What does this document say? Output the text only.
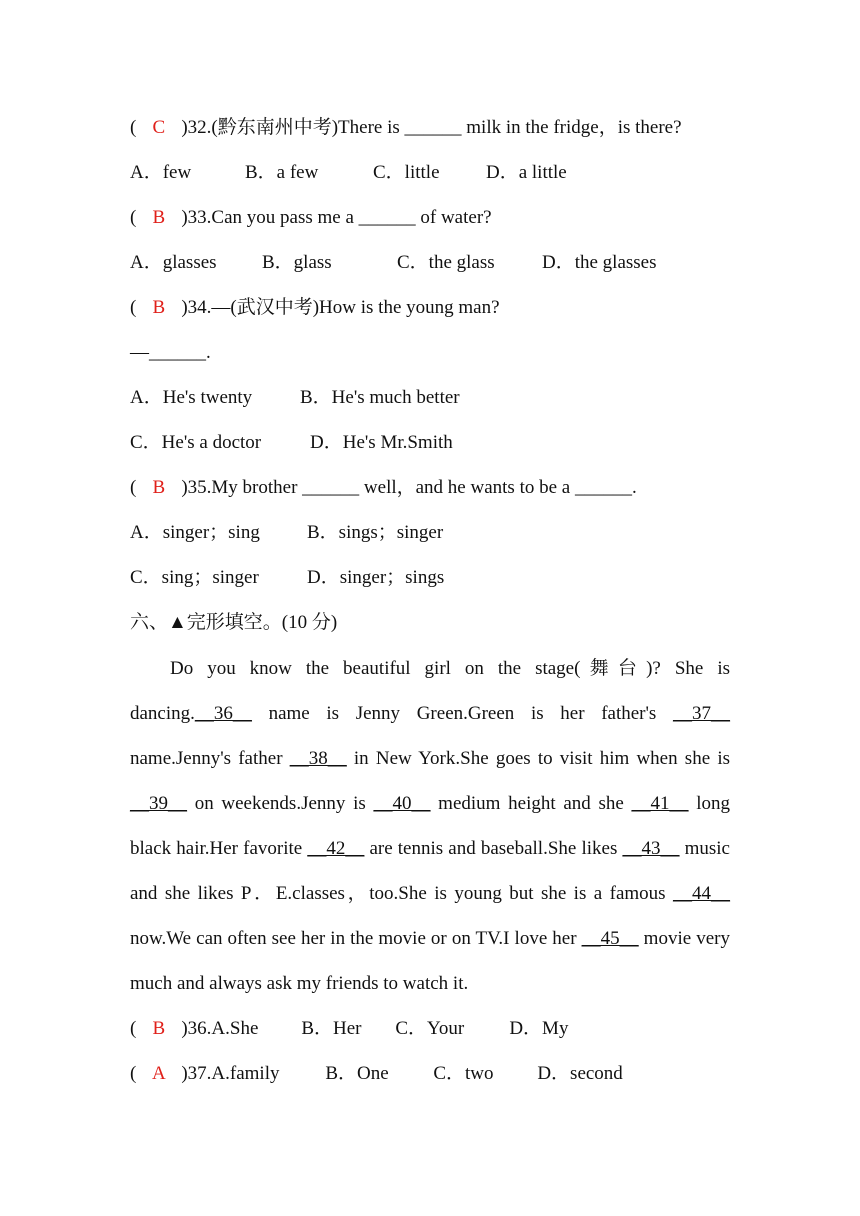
( C )32.(黔东南州中考)There is ______ milk in the fridge，is there?
A．few	B．a few	C．little D．a little
( B )33.Can you pass me a ______ of water?
A．glasses B．glass	C．the glass D．the glasses
( B )34.—(武汉中考)How is the young man?
—______.
A．He's twenty	B．He's much better
C．He's a doctor	D．He's Mr.Smith
( B )35.My brother ______ well，and he wants to be a ______.
A．singer；sing B．sings；singer
C．sing；singer	D．singer；sings
六、▲完形填空。(10 分)
Do you know the beautiful girl on the stage(舞台)? She is dancing.__36__ name is Jenny Green.Green is her father's __37__ name.Jenny's father __38__ in New York.She goes to visit him when she is __39__ on weekends.Jenny is __40__ medium height and she __41__ long black hair.Her favorite __42__ are tennis and baseball.She likes __43__ music and she likes P．E.classes，too.She is young but she is a famous __44__ now.We can often see her in the movie or on TV.I love her __45__ movie very much and always ask my friends to watch it.
( B )36.A.She B．Her C．Your D．My
( A )37.A.family B．One C．two D．second
